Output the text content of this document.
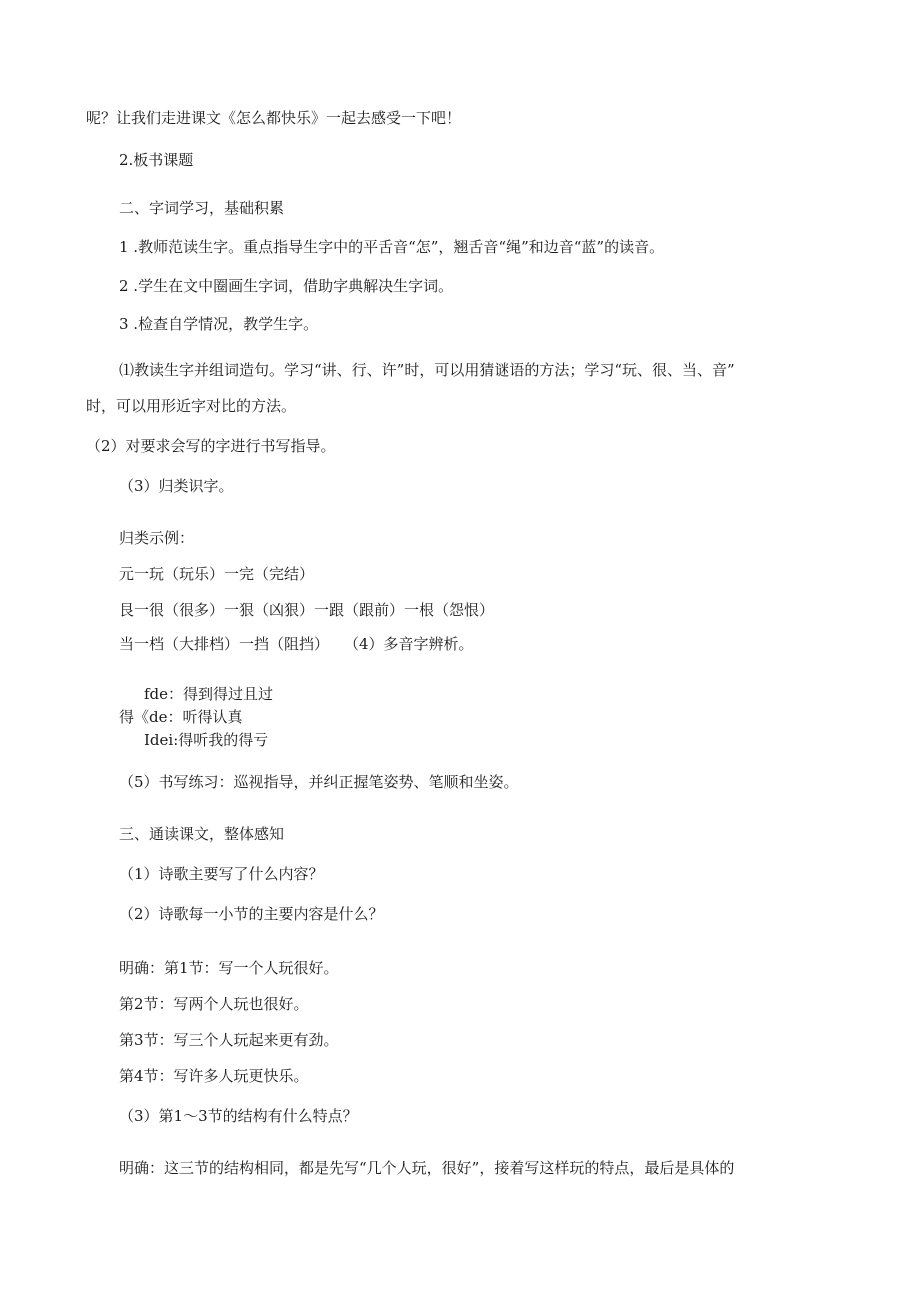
呢？让我们走进课文《怎么都快乐》一起去感受一下吧！
2.板书课题
二、字词学习，基础积累
1 .教师范读生字。重点指导生字中的平舌音“怎”，翘舌音“绳”和边音“蓝”的读音。
2 .学生在文中圈画生字词，借助字典解决生字词。
3 .检查自学情况，教学生字。
⑴教读生字并组词造句。学习“讲、行、许”时，可以用猜谜语的方法；学习“玩、很、当、音”
时，可以用形近字对比的方法。
（2）对要求会写的字进行书写指导。
（3）归类识字。
归类示例：
元一玩（玩乐）一完（完结）
艮一很（很多）一狠（凶狠）一跟（跟前）一根（怨恨）
当一档（大排档）一挡（阻挡）　　（4）多音字辨析。
fde：得到得过且过
得《de：听得认真
Idei:得听我的得亏
（5）书写练习：巡视指导，并纠正握笔姿势、笔顺和坐姿。
三、通读课文，整体感知
（1）诗歌主要写了什么内容？
（2）诗歌每一小节的主要内容是什么？
明确：第1节：写一个人玩很好。
第2节：写两个人玩也很好。
第3节：写三个人玩起来更有劲。
第4节：写许多人玩更快乐。
（3）第1～3节的结构有什么特点？
明确：这三节的结构相同，都是先写“几个人玩，很好”，接着写这样玩的特点，最后是具体的
